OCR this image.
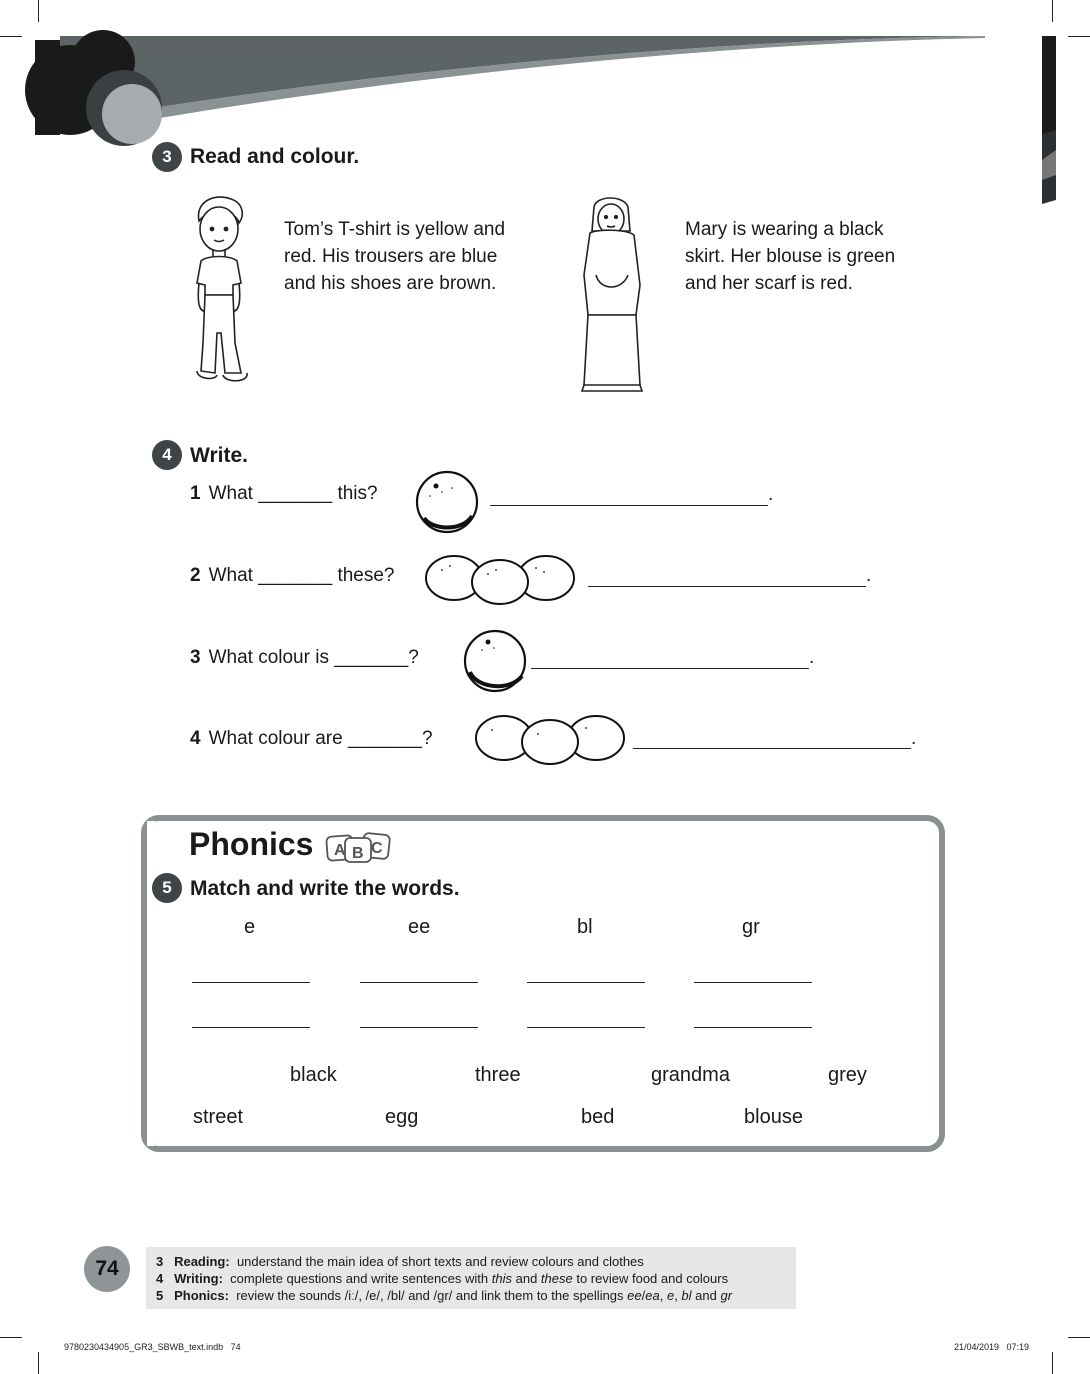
3 Read and colour.
Tom’s T-shirt is yellow and red. His trousers are blue and his shoes are brown.
Mary is wearing a black skirt. Her blouse is green and her scarf is red.
4 Write.
1 What _______ this?	.
2 What _______ these?	.
3 What colour is _______?	.
4 What colour are _______?	.
Phonics A B C
5 Match and write the words.
e	ee	bl	gr
black	three	grandma	grey
street	egg	bed	blouse
74	3 Reading: understand the main idea of short texts and review colours and clothes
4 Writing: complete questions and write sentences with this and these to review food and colours
5 Phonics: review the sounds /iː/, /e/, /bl/ and /gr/ and link them to the spellings ee/ea, e, bl and gr
9780230434905_GR3_SBWB_text.indb   74	21/04/2019   07:19
